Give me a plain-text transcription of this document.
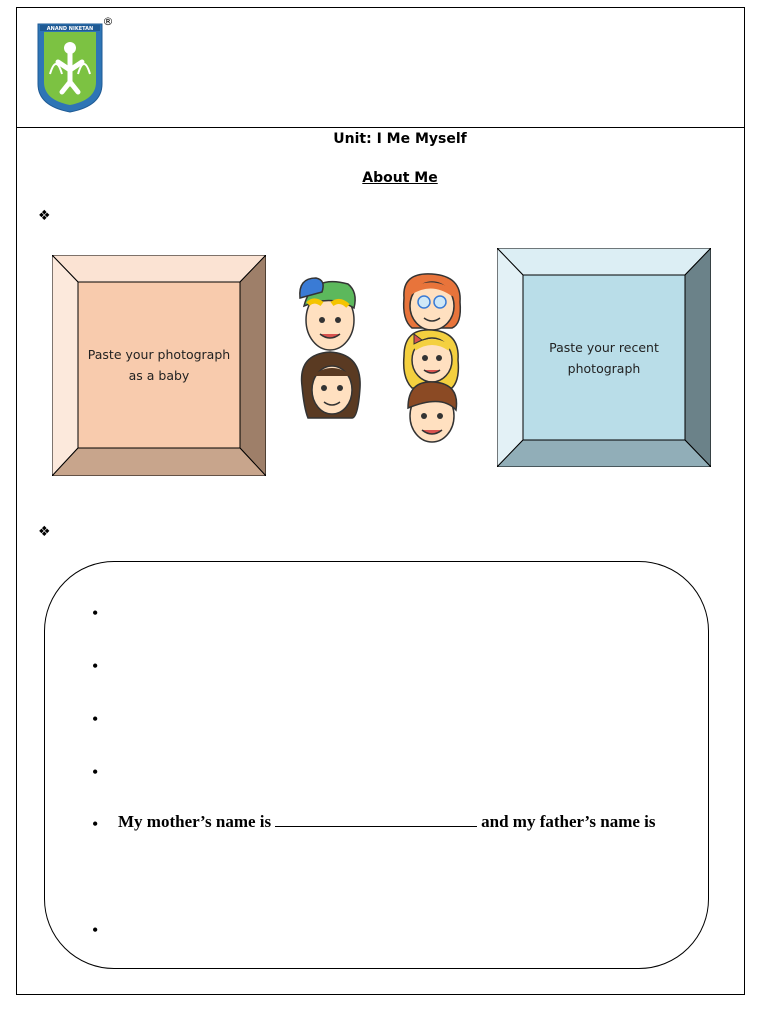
ANAND NIKETAN
®
Unit: I Me Myself
About Me
❖
Paste your photograph
as a baby
Paste your recent
photograph
❖
•
•
•
•
•
•
My mother’s name is	and my father’s name is
